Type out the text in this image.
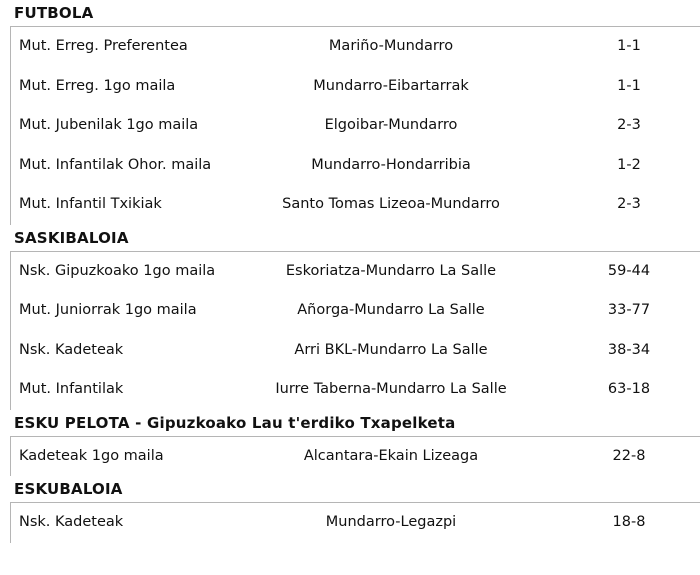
FUTBOLA
Mut. Erreg. Preferentea	Mariño-Mundarro	1-1
Mut. Erreg. 1go maila	Mundarro-Eibartarrak	1-1
Mut. Jubenilak 1go maila	Elgoibar-Mundarro	2-3
Mut. Infantilak Ohor. maila	Mundarro-Hondarribia	1-2
Mut. Infantil Txikiak	Santo Tomas Lizeoa-Mundarro	2-3
SASKIBALOIA
Nsk. Gipuzkoako 1go maila	Eskoriatza-Mundarro La Salle	59-44
Mut. Juniorrak 1go maila	Añorga-Mundarro La Salle	33-77
Nsk. Kadeteak	Arri BKL-Mundarro La Salle	38-34
Mut. Infantilak	Iurre Taberna-Mundarro La Salle	63-18
ESKU PELOTA - Gipuzkoako Lau t'erdiko Txapelketa
Kadeteak 1go maila	Alcantara-Ekain Lizeaga	22-8
ESKUBALOIA
Nsk. Kadeteak	Mundarro-Legazpi	18-8
